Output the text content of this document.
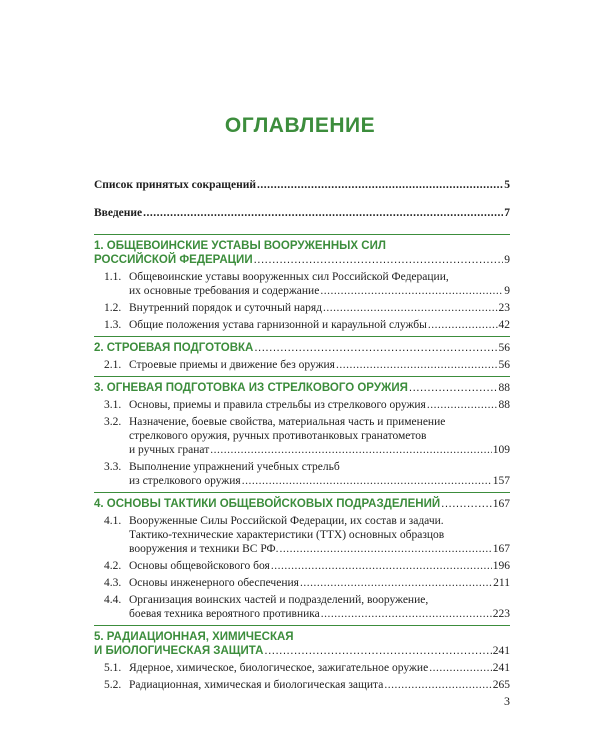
ОГЛАВЛЕНИЕ
Список принятых сокращений .....	5
Введение .....	7
1. ОБЩЕВОИНСКИЕ УСТАВЫ ВООРУЖЕННЫХ СИЛ
РОССИЙСКОЙ ФЕДЕРАЦИИ .....	9
1.1. Общевоинские уставы вооруженных сил Российской Федерации,
их основные требования и содержание .....	9
1.2. Внутренний порядок и суточный наряд .....	23
1.3. Общие положения устава гарнизонной и караульной службы .....	42
2. СТРОЕВАЯ ПОДГОТОВКА .....	56
2.1. Строевые приемы и движение без оружия .....	56
3. ОГНЕВАЯ ПОДГОТОВКА ИЗ СТРЕЛКОВОГО ОРУЖИЯ .....	88
3.1. Основы, приемы и правила стрельбы из стрелкового оружия .....	88
3.2. Назначение, боевые свойства, материальная часть и применение
стрелкового оружия, ручных противотанковых гранатометов
и ручных гранат .....	109
3.3. Выполнение упражнений учебных стрельб
из стрелкового оружия .....	157
4. ОСНОВЫ ТАКТИКИ ОБЩЕВОЙСКОВЫХ ПОДРАЗДЕЛЕНИЙ .....	167
4.1. Вооруженные Силы Российской Федерации, их состав и задачи.
Тактико-технические характеристики (ТТХ) основных образцов
вооружения и техники ВС РФ. .....	167
4.2. Основы общевойскового боя .....	196
4.3. Основы инженерного обеспечения .....	211
4.4. Организация воинских частей и подразделений, вооружение,
боевая техника вероятного противника .....	223
5. РАДИАЦИОННАЯ, ХИМИЧЕСКАЯ
И БИОЛОГИЧЕСКАЯ ЗАЩИТА .....	241
5.1. Ядерное, химическое, биологическое, зажигательное оружие .....	241
5.2. Радиационная, химическая и биологическая защита .....	265
3
